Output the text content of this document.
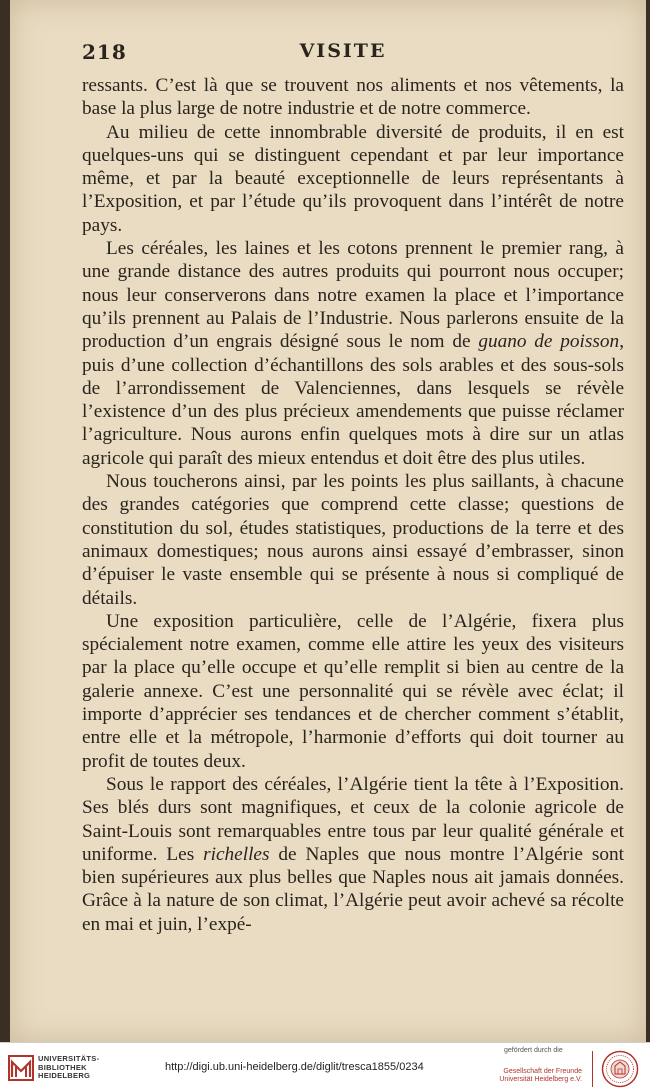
218	VISITE

ressants. C’est là que se trouvent nos aliments et nos vêtements, la base la plus large de notre industrie et de notre commerce.

Au milieu de cette innombrable diversité de produits, il en est quelques-uns qui se distinguent cependant et par leur importance même, et par la beauté exceptionnelle de leurs représentants à l’Exposition, et par l’étude qu’ils provoquent dans l’intérêt de notre pays.

Les céréales, les laines et les cotons prennent le premier rang, à une grande distance des autres produits qui pourront nous occuper; nous leur conserverons dans notre examen la place et l’importance qu’ils prennent au Palais de l’Industrie. Nous parlerons ensuite de la production d’un engrais désigné sous le nom de guano de poisson, puis d’une collection d’échantillons des sols arables et des sous-sols de l’arrondissement de Valenciennes, dans lesquels se révèle l’existence d’un des plus précieux amendements que puisse réclamer l’agriculture. Nous aurons enfin quelques mots à dire sur un atlas agricole qui paraît des mieux entendus et doit être des plus utiles.

Nous toucherons ainsi, par les points les plus saillants, à chacune des grandes catégories que comprend cette classe; questions de constitution du sol, études statistiques, productions de la terre et des animaux domestiques; nous aurons ainsi essayé d’embrasser, sinon d’épuiser le vaste ensemble qui se présente à nous si compliqué de détails.

Une exposition particulière, celle de l’Algérie, fixera plus spécialement notre examen, comme elle attire les yeux des visiteurs par la place qu’elle occupe et qu’elle remplit si bien au centre de la galerie annexe. C’est une personnalité qui se révèle avec éclat; il importe d’apprécier ses tendances et de chercher comment s’établit, entre elle et la métropole, l’harmonie d’efforts qui doit tourner au profit de toutes deux.

Sous le rapport des céréales, l’Algérie tient la tête à l’Exposition. Ses blés durs sont magnifiques, et ceux de la colonie agricole de Saint-Louis sont remarquables entre tous par leur qualité générale et uniforme. Les richelles de Naples que nous montre l’Algérie sont bien supérieures aux plus belles que Naples nous ait jamais données. Grâce à la nature de son climat, l’Algérie peut avoir achevé sa récolte en mai et juin, l’expé-

UNIVERSITÄTS-
BIBLIOTHEK
HEIDELBERG
http://digi.ub.uni-heidelberg.de/diglit/tresca1855/0234
gefördert durch die
Gesellschaft der Freunde
Universität Heidelberg e.V.
